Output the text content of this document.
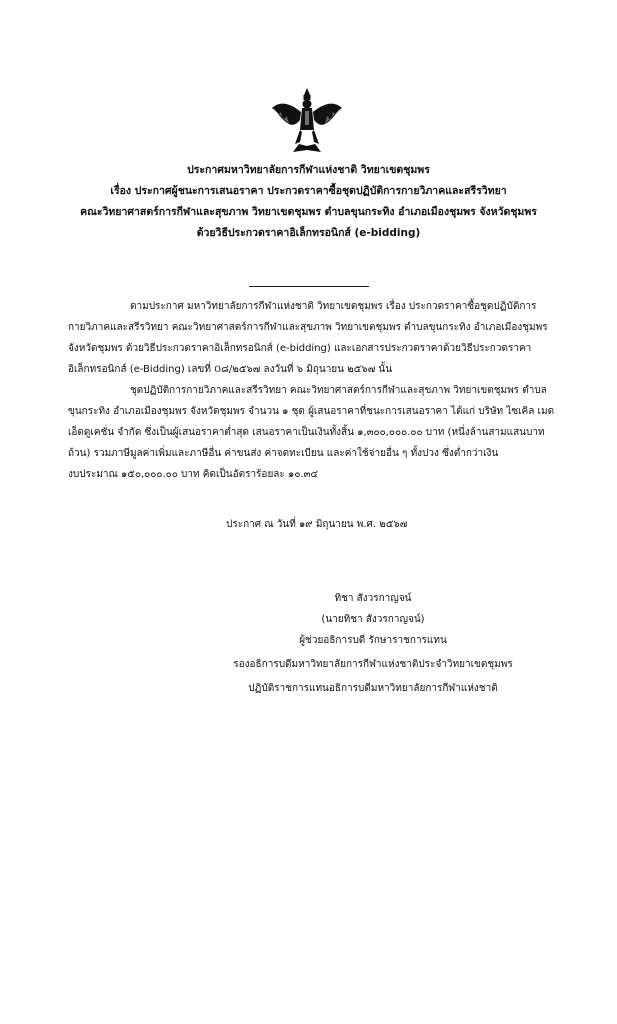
ประกาศมหาวิทยาลัยการกีฬาแห่งชาติ วิทยาเขตชุมพร
เรื่อง ประกาศผู้ชนะการเสนอราคา ประกวดราคาซื้อชุดปฏิบัติการกายวิภาคและสรีรวิทยา
คณะวิทยาศาสตร์การกีฬาและสุขภาพ วิทยาเขตชุมพร ตำบลขุนกระทิง อำเภอเมืองชุมพร จังหวัดชุมพร
ด้วยวิธีประกวดราคาอิเล็กทรอนิกส์ (e-bidding)
ตามประกาศ มหาวิทยาลัยการกีฬาแห่งชาติ วิทยาเขตชุมพร เรื่อง ประกวดราคาซื้อชุดปฏิบัติการ
กายวิภาคและสรีรวิทยา คณะวิทยาศาสตร์การกีฬาและสุขภาพ วิทยาเขตชุมพร ตำบลขุนกระทิง อำเภอเมืองชุมพร
จังหวัดชุมพร ด้วยวิธีประกวดราคาอิเล็กทรอนิกส์ (e-bidding) และเอกสารประกวดราคาด้วยวิธีประกวดราคา
อิเล็กทรอนิกส์ (e-Bidding) เลขที่ ០๘/๒๕๖๗ ลงวันที่ ๖ มิถุนายน ๒๕๖๗ นั้น
ชุดปฏิบัติการกายวิภาคและสรีรวิทยา คณะวิทยาศาสตร์การกีฬาและสุขภาพ วิทยาเขตชุมพร ตำบล
ขุนกระทิง อำเภอเมืองชุมพร จังหวัดชุมพร จำนวน ๑ ชุด ผู้เสนอราคาที่ชนะการเสนอราคา ได้แก่ บริษัท ไซเคิล เมด
เอ็ดดูเคชั่น จำกัด ซึ่งเป็นผู้เสนอราคาต่ำสุด เสนอราคาเป็นเงินทั้งสิ้น ๑,๓๐๐,๐๐๐.๐๐ บาท (หนึ่งล้านสามแสนบาท
ถ้วน) รวมภาษีมูลค่าเพิ่มและภาษีอื่น ค่าขนส่ง ค่าจดทะเบียน และค่าใช้จ่ายอื่น ๆ ทั้งปวง ซึ่งต่ำกว่าเงิน
งบประมาณ ๑๕๐,๐๐๐.๐๐ บาท คิดเป็นอัตราร้อยละ ๑๐.๓๔
ประกาศ ณ วันที่ ๑๙ มิถุนายน พ.ศ. ๒๕๖๗
ทิชา สังวรกาญจน์
(นายทิชา สังวรกาญจน์)
ผู้ช่วยอธิการบดี รักษาราชการแทน
รองอธิการบดีมหาวิทยาลัยการกีฬาแห่งชาติประจำวิทยาเขตชุมพร
ปฏิบัติราชการแทนอธิการบดีมหาวิทยาลัยการกีฬาแห่งชาติ
